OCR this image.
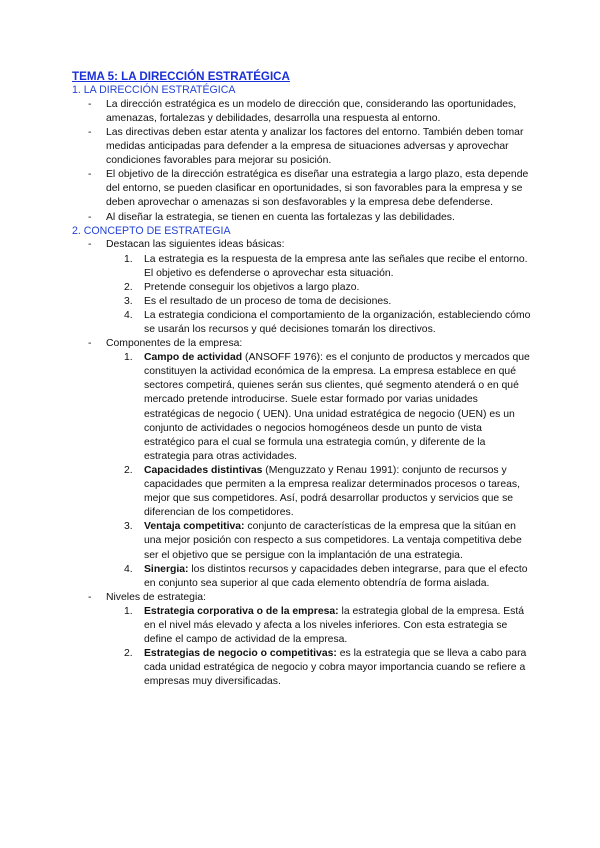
TEMA 5: LA DIRECCIÓN ESTRATÉGICA

1. LA DIRECCIÓN ESTRATÉGICA

- La dirección estratégica es un modelo de dirección que, considerando las oportunidades, amenazas, fortalezas y debilidades, desarrolla una respuesta al entorno.
- Las directivas deben estar atenta y analizar los factores del entorno. También deben tomar medidas anticipadas para defender a la empresa de situaciones adversas y aprovechar condiciones favorables para mejorar su posición.
- El objetivo de la dirección estratégica es diseñar una estrategia a largo plazo, esta depende del entorno, se pueden clasificar en oportunidades, si son favorables para la empresa y se deben aprovechar o amenazas si son desfavorables y la empresa debe defenderse.
- Al diseñar la estrategia, se tienen en cuenta las fortalezas y las debilidades.

2. CONCEPTO DE ESTRATEGIA

- Destacan las siguientes ideas básicas:
1. La estrategia es la respuesta de la empresa ante las señales que recibe el entorno. El objetivo es defenderse o aprovechar esta situación.
2. Pretende conseguir los objetivos a largo plazo.
3. Es el resultado de un proceso de toma de decisiones.
4. La estrategia condiciona el comportamiento de la organización, estableciendo cómo se usarán los recursos y qué decisiones tomarán los directivos.
- Componentes de la empresa:
1. Campo de actividad (ANSOFF 1976): es el conjunto de productos y mercados que constituyen la actividad económica de la empresa. La empresa establece en qué sectores competirá, quienes serán sus clientes, qué segmento atenderá o en qué mercado pretende introducirse. Suele estar formado por varias unidades estratégicas de negocio ( UEN). Una unidad estratégica de negocio (UEN) es un conjunto de actividades o negocios homogéneos desde un punto de vista estratégico para el cual se formula una estrategia común, y diferente de la estrategia para otras actividades.
2. Capacidades distintivas (Menguzzato y Renau 1991): conjunto de recursos y capacidades que permiten a la empresa realizar determinados procesos o tareas, mejor que sus competidores. Así, podrá desarrollar productos y servicios que se diferencian de los competidores.
3. Ventaja competitiva: conjunto de características de la empresa que la sitúan en una mejor posición con respecto a sus competidores. La ventaja competitiva debe ser el objetivo que se persigue con la implantación de una estrategia.
4. Sinergia: los distintos recursos y capacidades deben integrarse, para que el efecto en conjunto sea superior al que cada elemento obtendría de forma aislada.
- Niveles de estrategia:
1. Estrategia corporativa o de la empresa: la estrategia global de la empresa. Está en el nivel más elevado y afecta a los niveles inferiores. Con esta estrategia se define el campo de actividad de la empresa.
2. Estrategias de negocio o competitivas: es la estrategia que se lleva a cabo para cada unidad estratégica de negocio y cobra mayor importancia cuando se refiere a empresas muy diversificadas.
